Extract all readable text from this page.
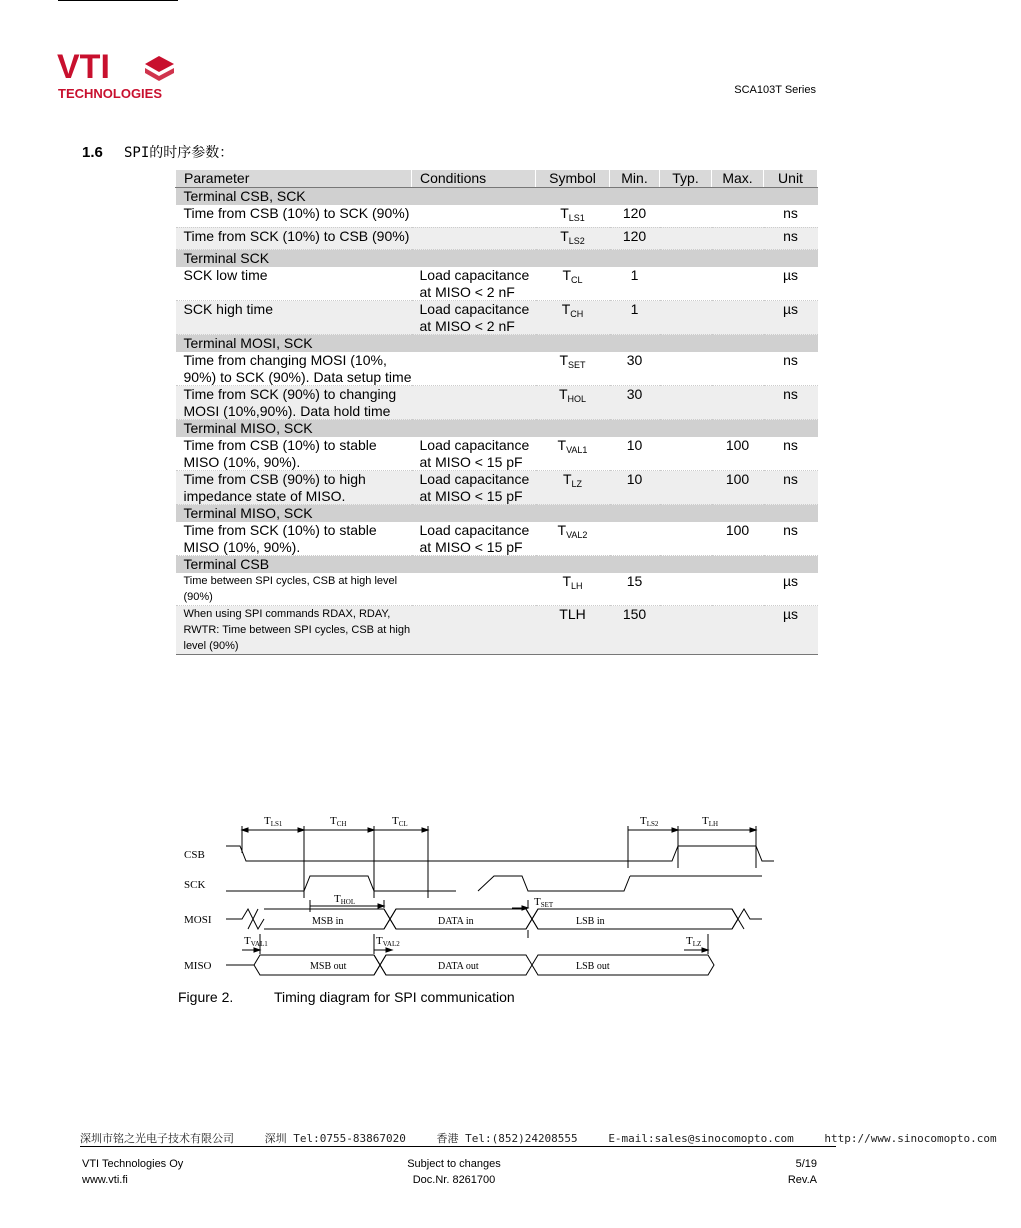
VTI
TECHNOLOGIES	SCA103T Series
1.6 SPI的时序参数：
Parameter	Conditions	Symbol	Min.	Typ.	Max.	Unit
Terminal CSB, SCK						
Time from CSB (10%) to SCK (90%)		$T_{LS1}$	120			ns
Time from SCK (10%) to CSB (90%)		$T_{LS2}$	120			ns
Terminal SCK						
SCK low time	Load capacitance at MISO < 2 nF	$T_{CL}$	1			µs
SCK high time	Load capacitance at MISO < 2 nF	$T_{CH}$	1			µs
Terminal MOSI, SCK						
Time from changing MOSI (10%, 90%) to SCK (90%). Data setup time		$T_{SET}$	30			ns
Time from SCK (90%) to changing MOSI (10%,90%). Data hold time		$T_{HOL}$	30			ns
Terminal MISO, SCK						
Time from CSB (10%) to stable MISO (10%, 90%).	Load capacitance at MISO < 15 pF	$T_{VAL1}$	10		100	ns
Time from CSB (90%) to high impedance state of MISO.	Load capacitance at MISO < 15 pF	$T_{LZ}$	10		100	ns
Terminal MISO, SCK						
Time from SCK (10%) to stable MISO (10%, 90%).	Load capacitance at MISO < 15 pF	$T_{VAL2}$			100	ns
Terminal CSB						
Time between SPI cycles, CSB at high level (90%)		$T_{LH}$	15			µs
When using SPI commands RDAX, RDAY, RWTR: Time between SPI cycles, CSB at high level (90%)		TLH	150			µs
CSB
SCK
MOSI
MISO
MSB in	DATA in	LSB in
MSB out	DATA out	LSB out
TLS1	TCH	TCL	TLS2	TLH
THOL	TSET
TVAL1	TVAL2	TLZ
Figure 2.	Timing diagram for SPI communication
深圳市铭之光电子技术有限公司	深圳 Tel:0755-83867020	香港 Tel:(852)24208555	E-mail:sales@sinocomopto.com	http://www.sinocomopto.com
VTI Technologies Oy
www.vti.fi
Subject to changes
Doc.Nr. 8261700
5/19
Rev.A
